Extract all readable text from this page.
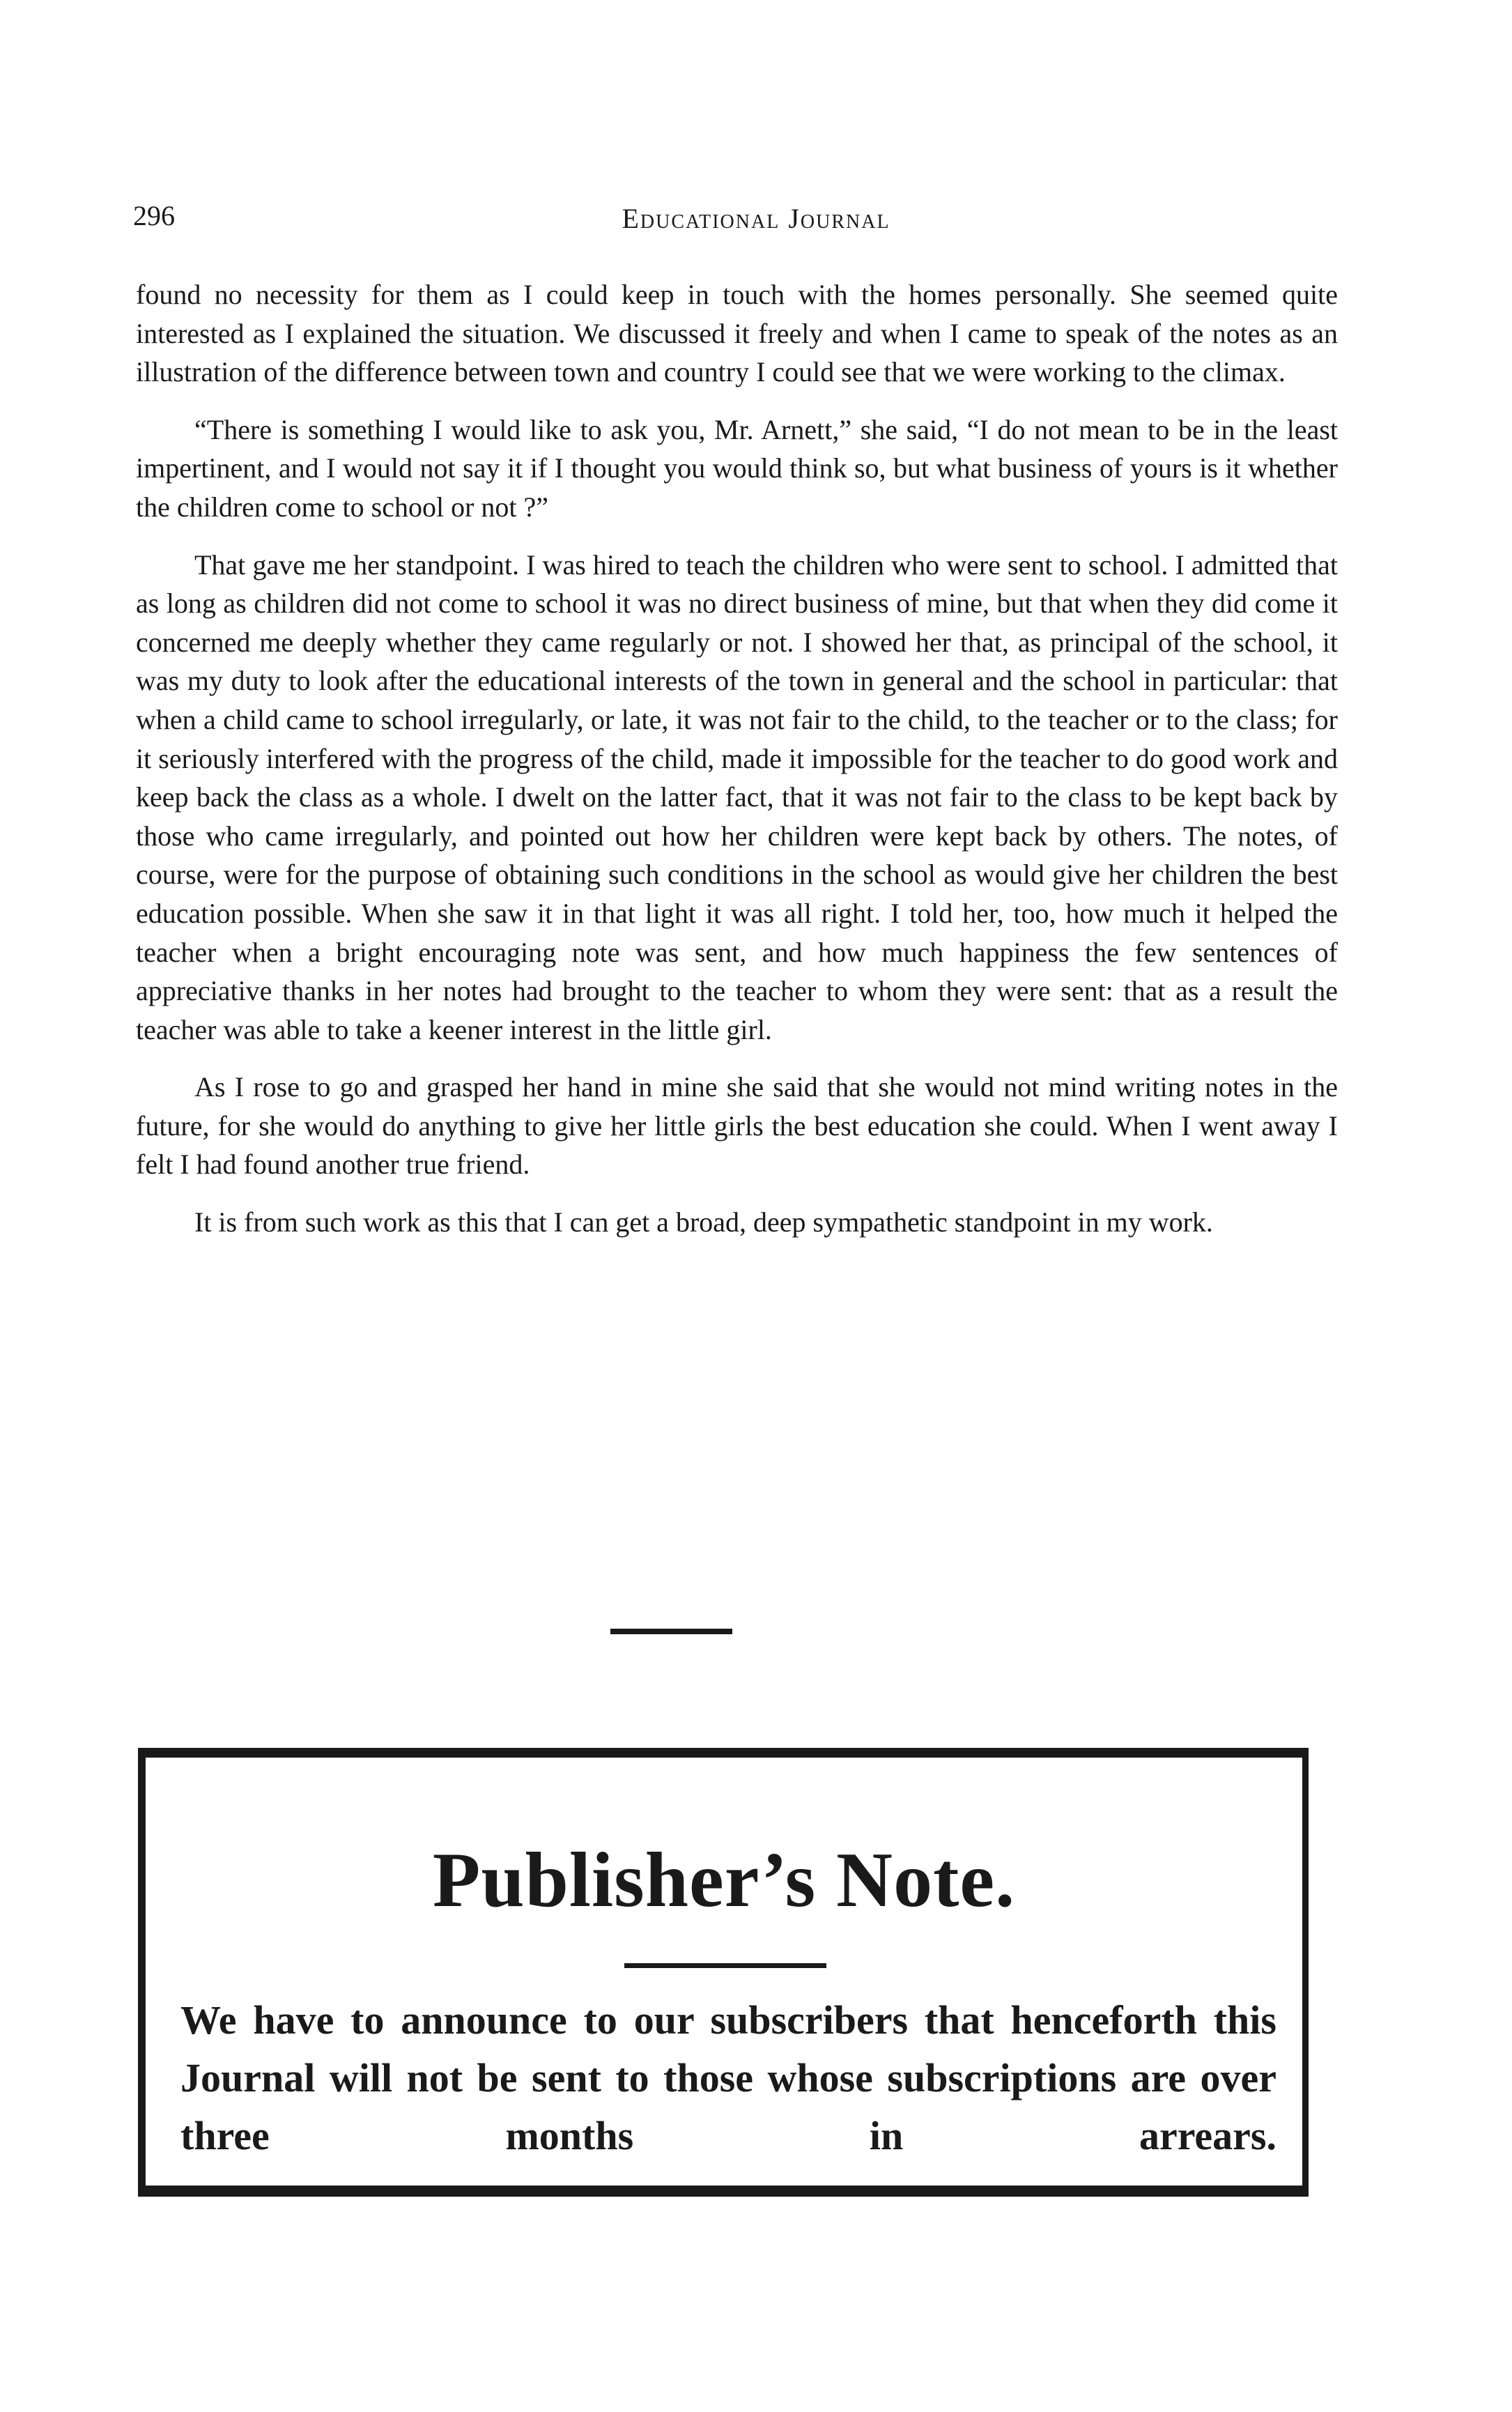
296	Educational Journal

found no necessity for them as I could keep in touch with the homes personally. She seemed quite interested as I explained the situation. We discussed it freely and when I came to speak of the notes as an illustration of the difference between town and country I could see that we were working to the climax.

“There is something I would like to ask you, Mr. Arnett,” she said, “I do not mean to be in the least impertinent, and I would not say it if I thought you would think so, but what business of yours is it whether the children come to school or not ?”

That gave me her standpoint. I was hired to teach the children who were sent to school. I admitted that as long as children did not come to school it was no direct business of mine, but that when they did come it concerned me deeply whether they came regularly or not. I showed her that, as principal of the school, it was my duty to look after the educational interests of the town in general and the school in particular: that when a child came to school irregularly, or late, it was not fair to the child, to the teacher or to the class; for it seriously interfered with the progress of the child, made it impossible for the teacher to do good work and keep back the class as a whole. I dwelt on the latter fact, that it was not fair to the class to be kept back by those who came irregularly, and pointed out how her children were kept back by others. The notes, of course, were for the purpose of obtaining such conditions in the school as would give her children the best education possible. When she saw it in that light it was all right. I told her, too, how much it helped the teacher when a bright encouraging note was sent, and how much happiness the few sentences of appreciative thanks in her notes had brought to the teacher to whom they were sent: that as a result the teacher was able to take a keener interest in the little girl.

As I rose to go and grasped her hand in mine she said that she would not mind writing notes in the future, for she would do anything to give her little girls the best education she could. When I went away I felt I had found another true friend.

It is from such work as this that I can get a broad, deep sympathetic standpoint in my work.

Publisher’s Note.
We have to announce to our subscribers that henceforth this Journal will not be sent to those whose subscriptions are over three months in arrears.
